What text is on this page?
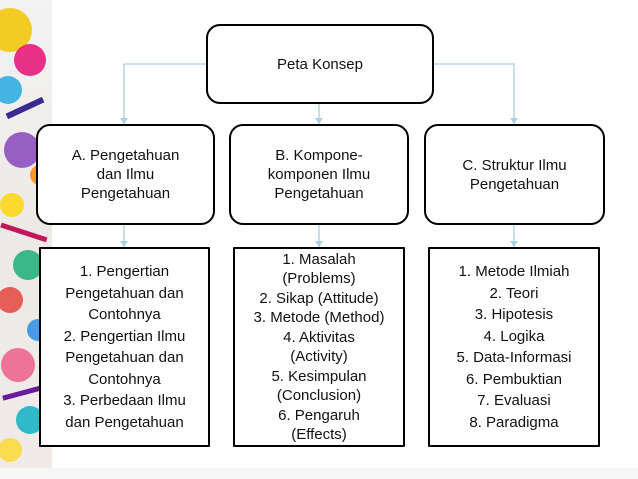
Peta Konsep
A. Pengetahuan
dan Ilmu
Pengetahuan
B. Kompone-
komponen Ilmu
Pengetahuan
C. Struktur Ilmu
Pengetahuan
1. Pengertian
Pengetahuan dan
Contohnya
2. Pengertian Ilmu
Pengetahuan dan
Contohnya
3. Perbedaan Ilmu
dan Pengetahuan
1. Masalah
(Problems)
2. Sikap (Attitude)
3. Metode (Method)
4. Aktivitas
(Activity)
5. Kesimpulan
(Conclusion)
6. Pengaruh
(Effects)
1. Metode Ilmiah
2. Teori
3. Hipotesis
4. Logika
5. Data-Informasi
6. Pembuktian
7. Evaluasi
8. Paradigma
